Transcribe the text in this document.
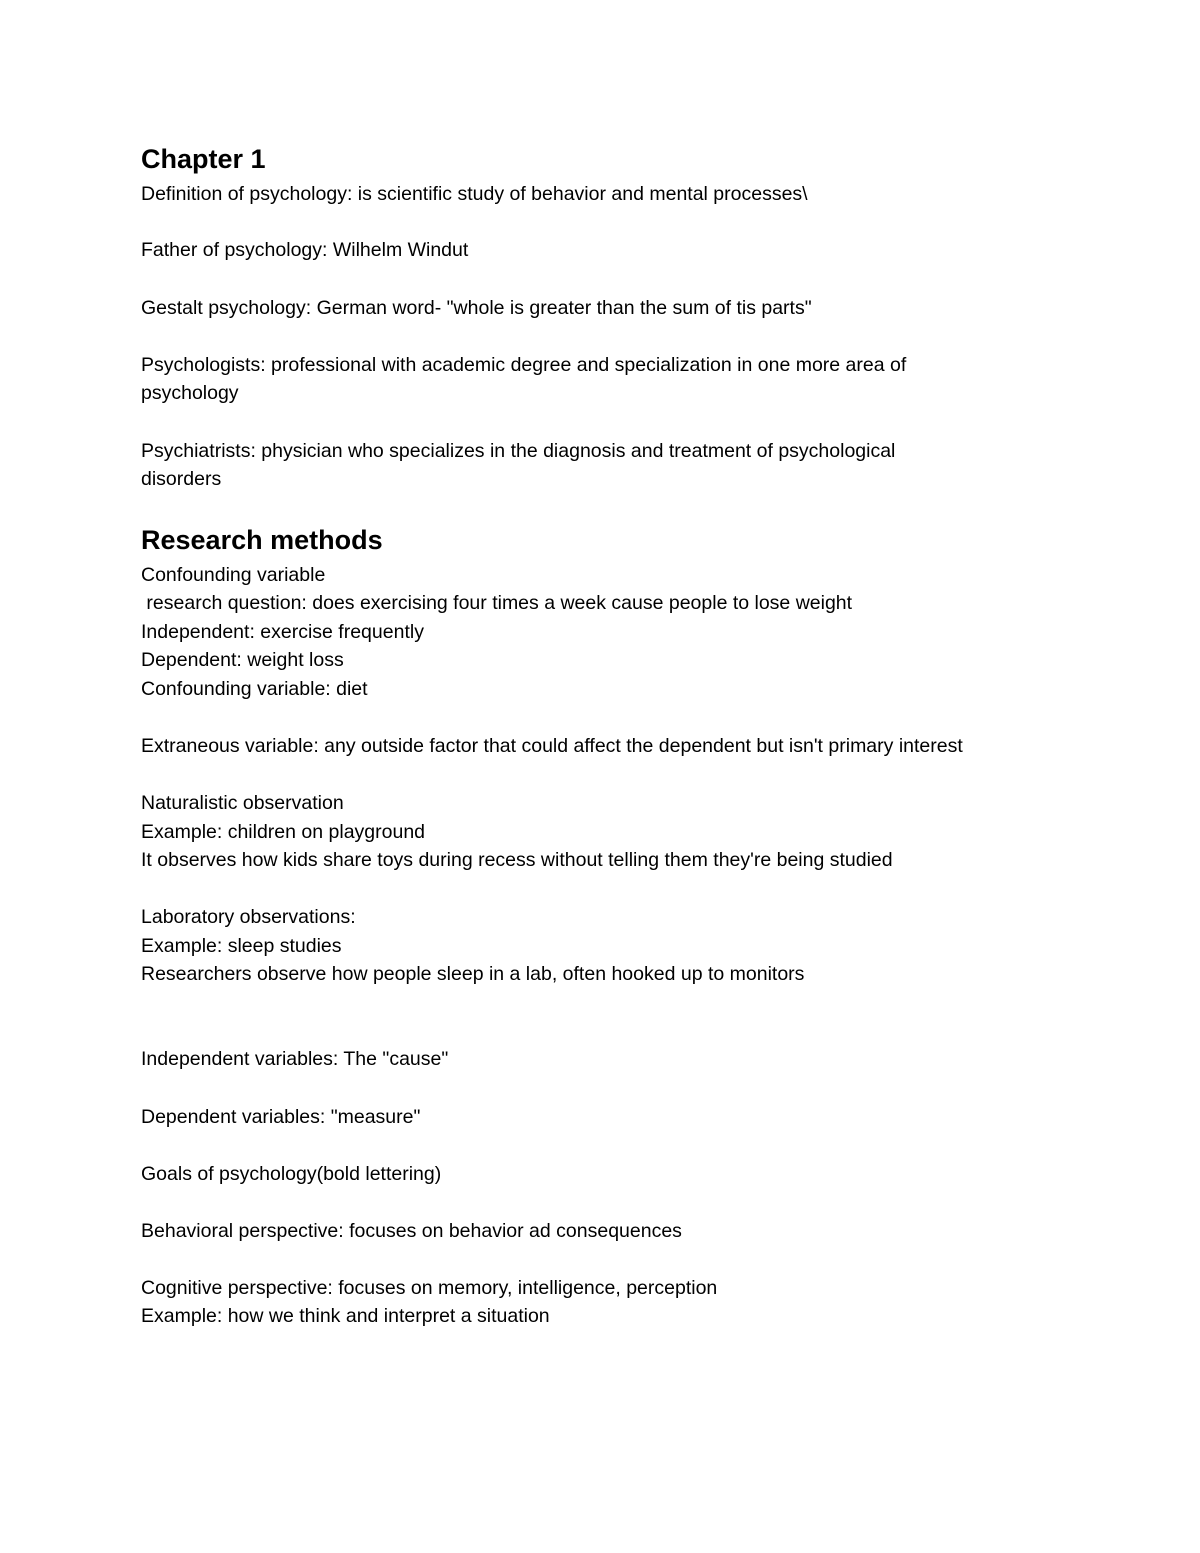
Chapter 1
Definition of psychology: is scientific study of behavior and mental processes\
Father of psychology: Wilhelm Windut
Gestalt psychology: German word- "whole is greater than the sum of tis parts"
Psychologists: professional with academic degree and specialization in one more area of
psychology
Psychiatrists: physician who specializes in the diagnosis and treatment of psychological
disorders
Research methods
Confounding variable
research question: does exercising four times a week cause people to lose weight
Independent: exercise frequently
Dependent: weight loss
Confounding variable: diet
Extraneous variable: any outside factor that could affect the dependent but isn't primary interest
Naturalistic observation
Example: children on playground
It observes how kids share toys during recess without telling them they're being studied
Laboratory observations:
Example: sleep studies
Researchers observe how people sleep in a lab, often hooked up to monitors
Independent variables: The "cause"
Dependent variables: "measure"
Goals of psychology(bold lettering)
Behavioral perspective: focuses on behavior ad consequences
Cognitive perspective: focuses on memory, intelligence, perception
Example: how we think and interpret a situation
